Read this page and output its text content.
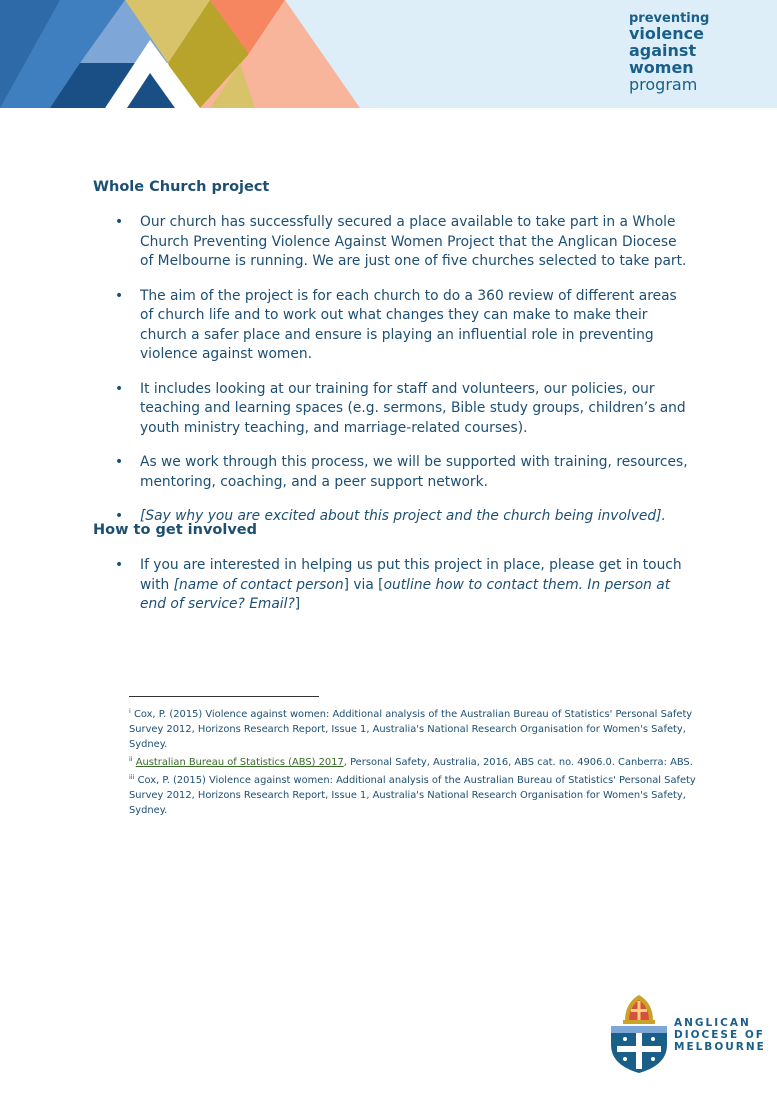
preventing
violence
against
women
program
Whole Church project
• Our church has successfully secured a place available to take part in a Whole Church Preventing Violence Against Women Project that the Anglican Diocese of Melbourne is running. We are just one of five churches selected to take part.
• The aim of the project is for each church to do a 360 review of different areas of church life and to work out what changes they can make to make their church a safer place and ensure is playing an influential role in preventing violence against women.
• It includes looking at our training for staff and volunteers, our policies, our teaching and learning spaces (e.g. sermons, Bible study groups, children’s and youth ministry teaching, and marriage-related courses).
• As we work through this process, we will be supported with training, resources, mentoring, coaching, and a peer support network.
• [Say why you are excited about this project and the church being involved].
How to get involved
• If you are interested in helping us put this project in place, please get in touch with [name of contact person] via [outline how to contact them. In person at end of service? Email?]

$^i$ Cox, P. (2015) Violence against women: Additional analysis of the Australian Bureau of Statistics' Personal Safety Survey 2012, Horizons Research Report, Issue 1, Australia's National Research Organisation for Women's Safety, Sydney.

$^{ii}$ Australian Bureau of Statistics (ABS) 2017, Personal Safety, Australia, 2016, ABS cat. no. 4906.0. Canberra: ABS.

$^{iii}$ Cox, P. (2015) Violence against women: Additional analysis of the Australian Bureau of Statistics' Personal Safety Survey 2012, Horizons Research Report, Issue 1, Australia's National Research Organisation for Women's Safety, Sydney.

ANGLICAN
DIOCESE OF
MELBOURNE
